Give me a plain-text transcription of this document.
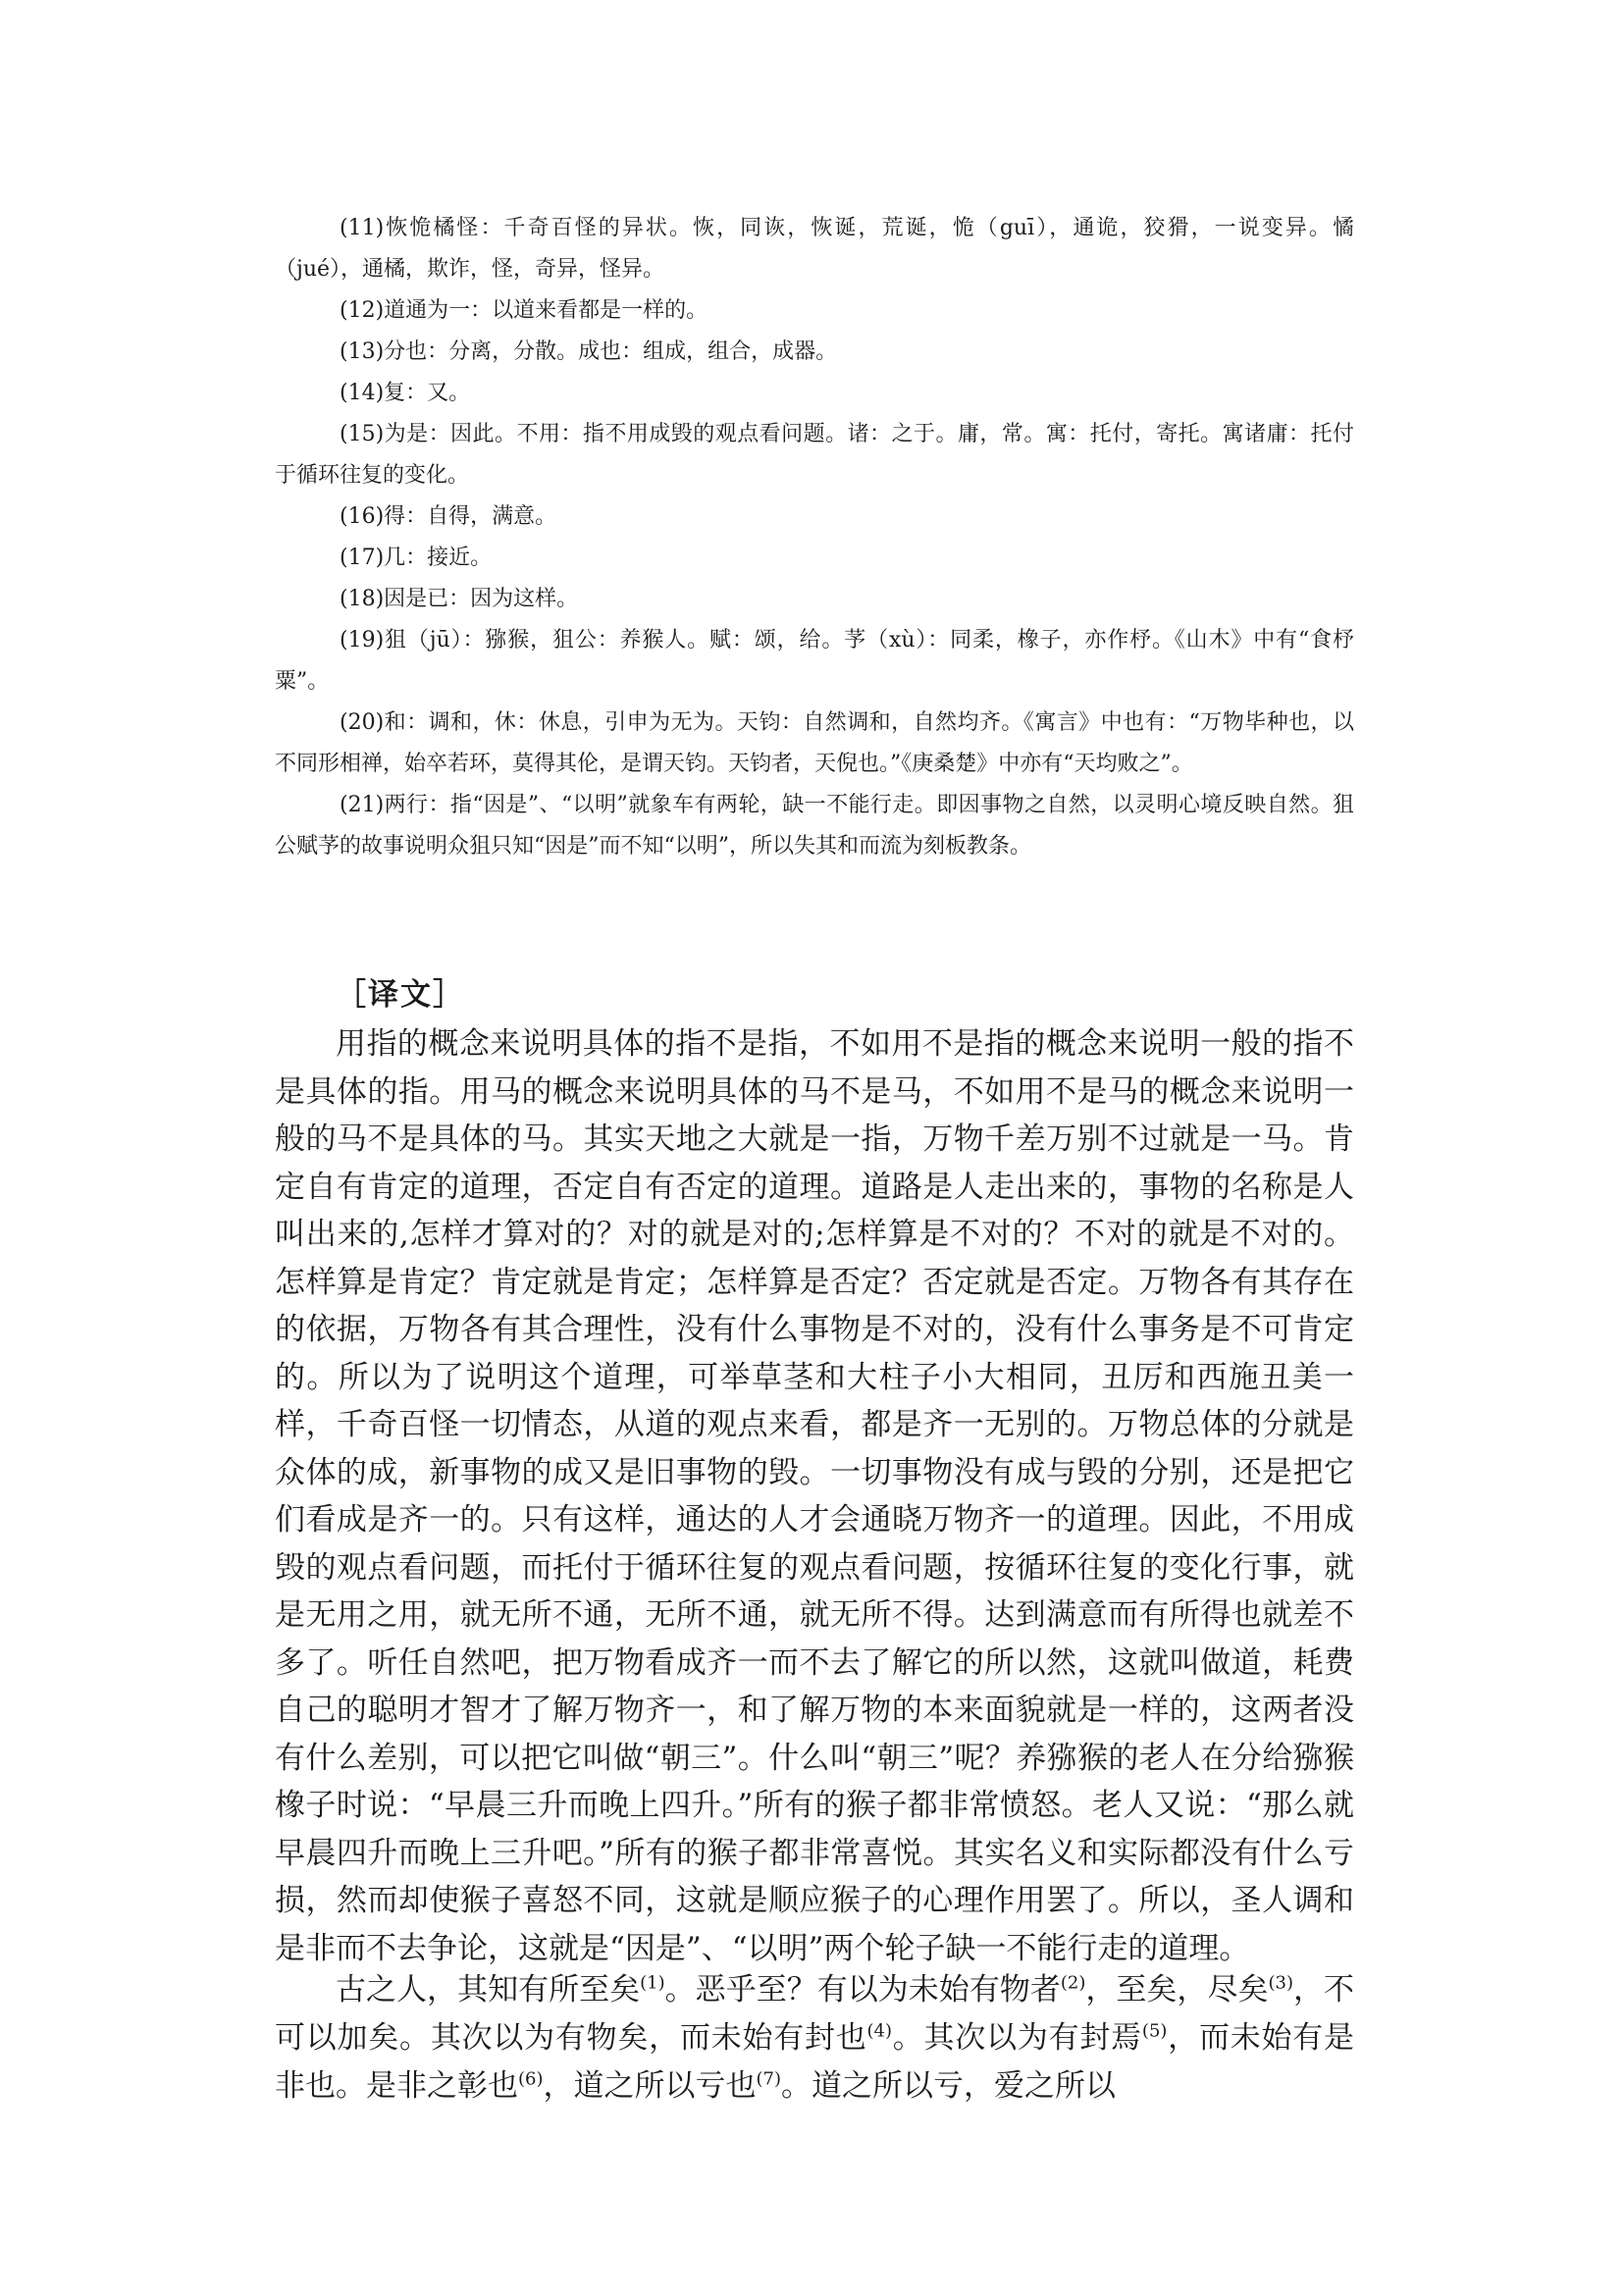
(11)恢恑橘怪：千奇百怪的异状。恢，同诙，恢诞，荒诞，恑（guī），通诡，狡猾，一说变异。憰（jué），通橘，欺诈，怪，奇异，怪异。

(12)道通为一：以道来看都是一样的。

(13)分也：分离，分散。成也：组成，组合，成器。

(14)复：又。

(15)为是：因此。不用：指不用成毁的观点看问题。诸：之于。庸，常。寓：托付，寄托。寓诸庸：托付于循环往复的变化。

(16)得：自得，满意。

(17)几：接近。

(18)因是已：因为这样。

(19)狙（jū）：猕猴，狙公：养猴人。赋：颂，给。芧（xù）：同柔，橡子，亦作杼。《山木》中有“食杼粟”。

(20)和：调和，休：休息，引申为无为。天钧：自然调和，自然均齐。《寓言》中也有：“万物毕种也，以不同形相禅，始卒若环，莫得其伦，是谓天钧。天钧者，天倪也。”《庚桑楚》中亦有“天均败之”。

(21)两行：指“因是”、“以明”就象车有两轮，缺一不能行走。即因事物之自然，以灵明心境反映自然。狙公赋芧的故事说明众狙只知“因是”而不知“以明”，所以失其和而流为刻板教条。

［译文］

用指的概念来说明具体的指不是指，不如用不是指的概念来说明一般的指不是具体的指。用马的概念来说明具体的马不是马，不如用不是马的概念来说明一般的马不是具体的马。其实天地之大就是一指，万物千差万别不过就是一马。肯定自有肯定的道理，否定自有否定的道理。道路是人走出来的，事物的名称是人叫出来的,怎样才算对的？对的就是对的;怎样算是不对的？不对的就是不对的。怎样算是肯定？肯定就是肯定；怎样算是否定？否定就是否定。万物各有其存在的依据，万物各有其合理性，没有什么事物是不对的，没有什么事务是不可肯定的。所以为了说明这个道理，可举草茎和大柱子小大相同，丑厉和西施丑美一样，千奇百怪一切情态，从道的观点来看，都是齐一无别的。万物总体的分就是众体的成，新事物的成又是旧事物的毁。一切事物没有成与毁的分别，还是把它们看成是齐一的。只有这样，通达的人才会通晓万物齐一的道理。因此，不用成毁的观点看问题，而托付于循环往复的观点看问题，按循环往复的变化行事，就是无用之用，就无所不通，无所不通，就无所不得。达到满意而有所得也就差不多了。听任自然吧，把万物看成齐一而不去了解它的所以然，这就叫做道，耗费自己的聪明才智才了解万物齐一，和了解万物的本来面貌就是一样的，这两者没有什么差别，可以把它叫做“朝三”。什么叫“朝三”呢？养猕猴的老人在分给猕猴橡子时说：“早晨三升而晚上四升。”所有的猴子都非常愤怒。老人又说：“那么就早晨四升而晚上三升吧。”所有的猴子都非常喜悦。其实名义和实际都没有什么亏损，然而却使猴子喜怒不同，这就是顺应猴子的心理作用罢了。所以，圣人调和是非而不去争论，这就是“因是”、“以明”两个轮子缺一不能行走的道理。

古之人，其知有所至矣$^{(1)}$。恶乎至？有以为未始有物者$^{(2)}$，至矣，尽矣$^{(3)}$，不可以加矣。其次以为有物矣，而未始有封也$^{(4)}$。其次以为有封焉$^{(5)}$，而未始有是非也。是非之彰也$^{(6)}$，道之所以亏也$^{(7)}$。道之所以亏，爱之所以
